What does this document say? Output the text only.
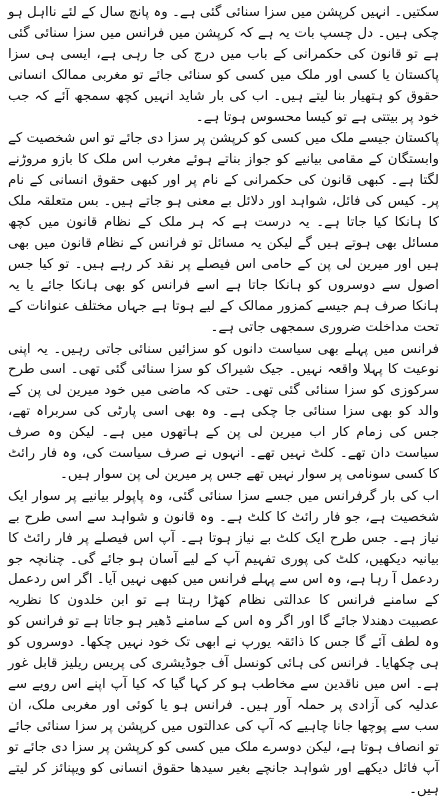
سکتیں۔ انہیں کرپشن میں سزا سنائی گئی ہے۔ وہ پانچ سال کے لئے نااہل ہو چکی ہیں۔ دل چسپ بات یہ ہے کہ کرپشن میں فرانس میں سزا سنائی گئی ہے تو قانون کی حکمرانی کے باب میں درج کی جا رہی ہے، ایسی ہی سزا پاکستان یا کسی اور ملک میں کسی کو سنائی جائے تو مغربی ممالک انسانی حقوق کو ہتھیار بنا لیتے ہیں۔ اب کی بار شاید انہیں کچھ سمجھ آئے کہ جب خود پر بیتتی ہے تو کیسا محسوس ہوتا ہے۔

پاکستان جیسے ملک میں کسی کو کرپشن پر سزا دی جائے تو اس شخصیت کے وابستگان کے مقامی بیانیے کو جواز بناتے ہوئے مغرب اس ملک کا بازو مروڑنے لگتا ہے۔ کبھی قانون کی حکمرانی کے نام پر اور کبھی حقوق انسانی کے نام پر۔ کیس کی فائل، شواہد اور دلائل بے معنی ہو جاتے ہیں۔ بس متعلقہ ملک کا ہانکا کیا جاتا ہے۔ یہ درست ہے کہ ہر ملک کے نظام قانون میں کچھ مسائل بھی ہوتے ہیں گے لیکن یہ مسائل تو فرانس کے نظام قانون میں بھی ہیں اور میرین لی پن کے حامی اس فیصلے پر نقد کر رہے ہیں۔ تو کیا جس اصول سے دوسروں کو ہانکا جاتا ہے اسے فرانس کو بھی ہانکا جائے یا یہ ہانکا صرف ہم جیسے کمزور ممالک کے لیے ہوتا ہے جہاں مختلف عنوانات کے تحت مداخلت ضروری سمجھی جاتی ہے۔

فرانس میں پہلے بھی سیاست دانوں کو سزائیں سنائی جاتی رہیں۔ یہ اپنی نوعیت کا پہلا واقعہ نہیں۔ جیک شیراک کو سزا سنائی گئی تھی۔ اسی طرح سرکوزی کو سزا سنائی گئی تھی۔ حتی کہ ماضی میں خود میرین لی پن کے والد کو بھی سزا سنائی جا چکی ہے۔ وہ بھی اسی پارٹی کی سربراہ تھے، جس کی زمام کار اب میرین لی پن کے ہاتھوں میں ہے۔ لیکن وہ صرف سیاست دان تھے۔ کلٹ نہیں تھے۔ انہوں نے صرف سیاست کی، وہ فار رائٹ کا کسی سونامی پر سوار نہیں تھے جس پر میرین لی پن سوار ہیں۔

اب کی بار گرفرانس میں جسے سزا سنائی گئی، وہ پاپولر بیانیے پر سوار ایک شخصیت ہے، جو فار رائٹ کا کلٹ ہے۔ وہ قانون و شواہد سے اسی طرح بے نیاز ہے۔ جس طرح ایک کلٹ بے نیاز ہوتا ہے۔ آپ اس فیصلے پر فار رائٹ کا بیانیہ دیکھیں، کلٹ کی پوری تفہیم آپ کے لیے آسان ہو جائے گی۔ چنانچہ جو ردعمل آ رہا ہے، وہ اس سے پہلے فرانس میں کبھی نہیں آیا۔ اگر اس ردعمل کے سامنے فرانس کا عدالتی نظام کھڑا رہتا ہے تو ابن خلدون کا نظریہ عصبیت دھندلا جائے گا اور اگر وہ اس کے سامنے ڈھیر ہو جاتا ہے تو فرانس کو وہ لطف آئے گا جس کا ذائقہ یورپ نے ابھی تک خود نہیں چکھا۔ دوسروں کو ہی چکھایا۔ فرانس کی ہائی کونسل آف جوڈیشری کی پریس ریلیز قابل غور ہے۔ اس میں ناقدین سے مخاطب ہو کر کہا گیا کہ کیا آپ اپنے اس رویے سے عدلیہ کی آزادی پر حملہ آور ہیں۔ فرانس ہو یا کوئی اور مغربی ملک، ان سب سے پوچھا جانا چاہیے کہ آپ کی عدالتوں میں کرپشن پر سزا سنائی جائے تو انصاف ہوتا ہے، لیکن دوسرے ملک میں کسی کو کرپشن پر سزا دی جائے تو آپ فائل دیکھے اور شواہد جانچے بغیر سیدھا حقوق انسانی کو ویپنائز کر لیتے ہیں۔
